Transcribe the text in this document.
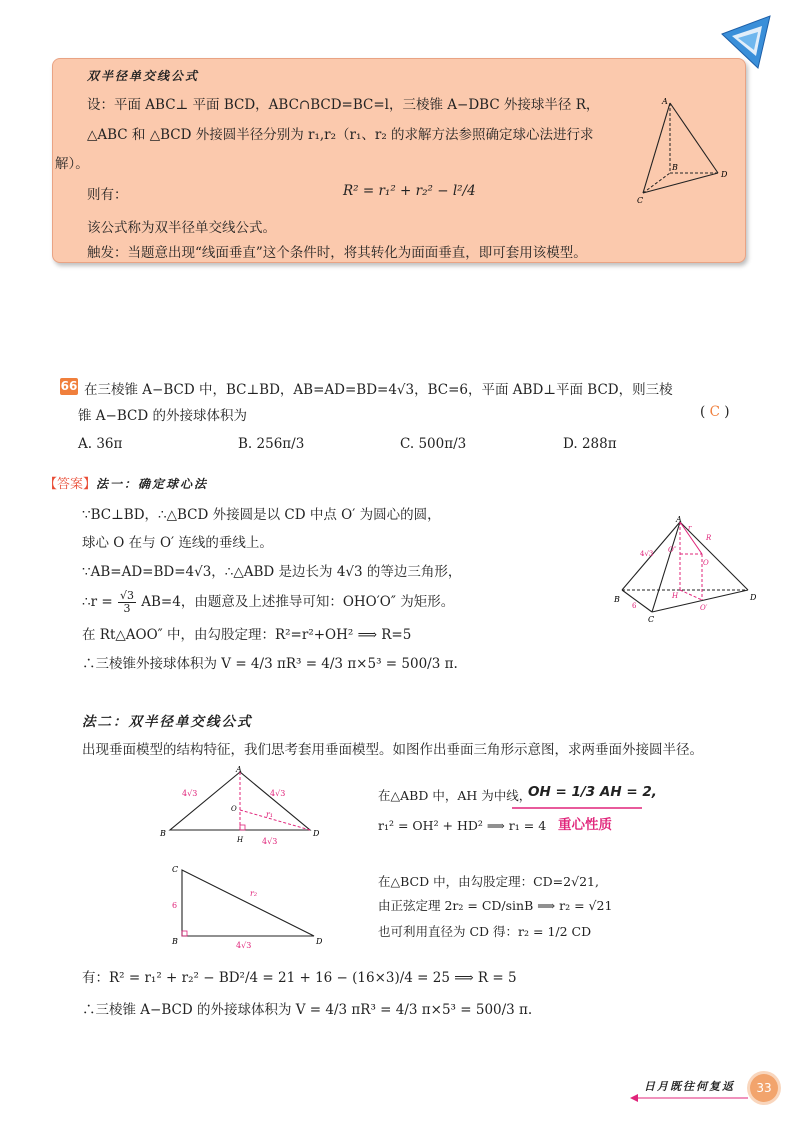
双半径单交线公式
设：平面 ABC⊥ 平面 BCD，ABC∩BCD=BC=l，三棱锥 A−DBC 外接球半径 R，
△ABC 和 △BCD 外接圆半径分别为 r₁,r₂（r₁、r₂ 的求解方法参照确定球心法进行求
解）。
则有：	R² = r₁² + r₂² − l²/4
该公式称为双半径单交线公式。
触发：当题意出现“线面垂直”这个条件时，将其转化为面面垂直，即可套用该模型。
A
B
C
D
66 在三棱锥 A−BCD 中，BC⊥BD，AB=AD=BD=4√3，BC=6，平面 ABD⊥平面 BCD，则三棱
锥 A−BCD 的外接球体积为	( C )
A. 36π	B. 256π/3	C. 500π/3	D. 288π
【答案】法一：确定球心法
∵BC⊥BD，∴△BCD 外接圆是以 CD 中点 O′ 为圆心的圆，
球心 O 在与 O′ 连线的垂线上。
∵AB=AD=BD=4√3，∴△ABD 是边长为 4√3 的等边三角形，
∴r = $\frac{√3}{3} AB=4$，由题意及上述推导可知：OHO′O″ 为矩形。
在 Rt△AOO″ 中，由勾股定理：R²=r²+OH² ⟹ R=5
∴三棱锥外接球体积为 V = 4/3 πR³ = 4/3 π×5³ = 500/3 π.
A
B
C
D
H
O
O′
O″
r
R
4√3
6
法二：双半径单交线公式
出现垂面模型的结构特征，我们思考套用垂面模型。如图作出垂面三角形示意图，求两垂面外接圆半径。
A
B	D
H
O
r₁
4√3	4√3
4√3
在△ABD 中，AH 为中线，
OH = 1/3 AH = 2,
r₁² = OH² + HD² ⟹ r₁ = 4 重心性质
C
B	D
r₂
6
4√3
在△BCD 中，由勾股定理：CD=2√21,
由正弦定理 2r₂ = CD/sinB ⟹ r₂ = √21
也可利用直径为 CD 得：r₂ = 1/2 CD
有：R² = r₁² + r₂² − BD²/4 = 21 + 16 − (16×3)/4 = 25 ⟹ R = 5
∴三棱锥 A−BCD 的外接球体积为 V = 4/3 πR³ = 4/3 π×5³ = 500/3 π.
日月既往何复返	33
